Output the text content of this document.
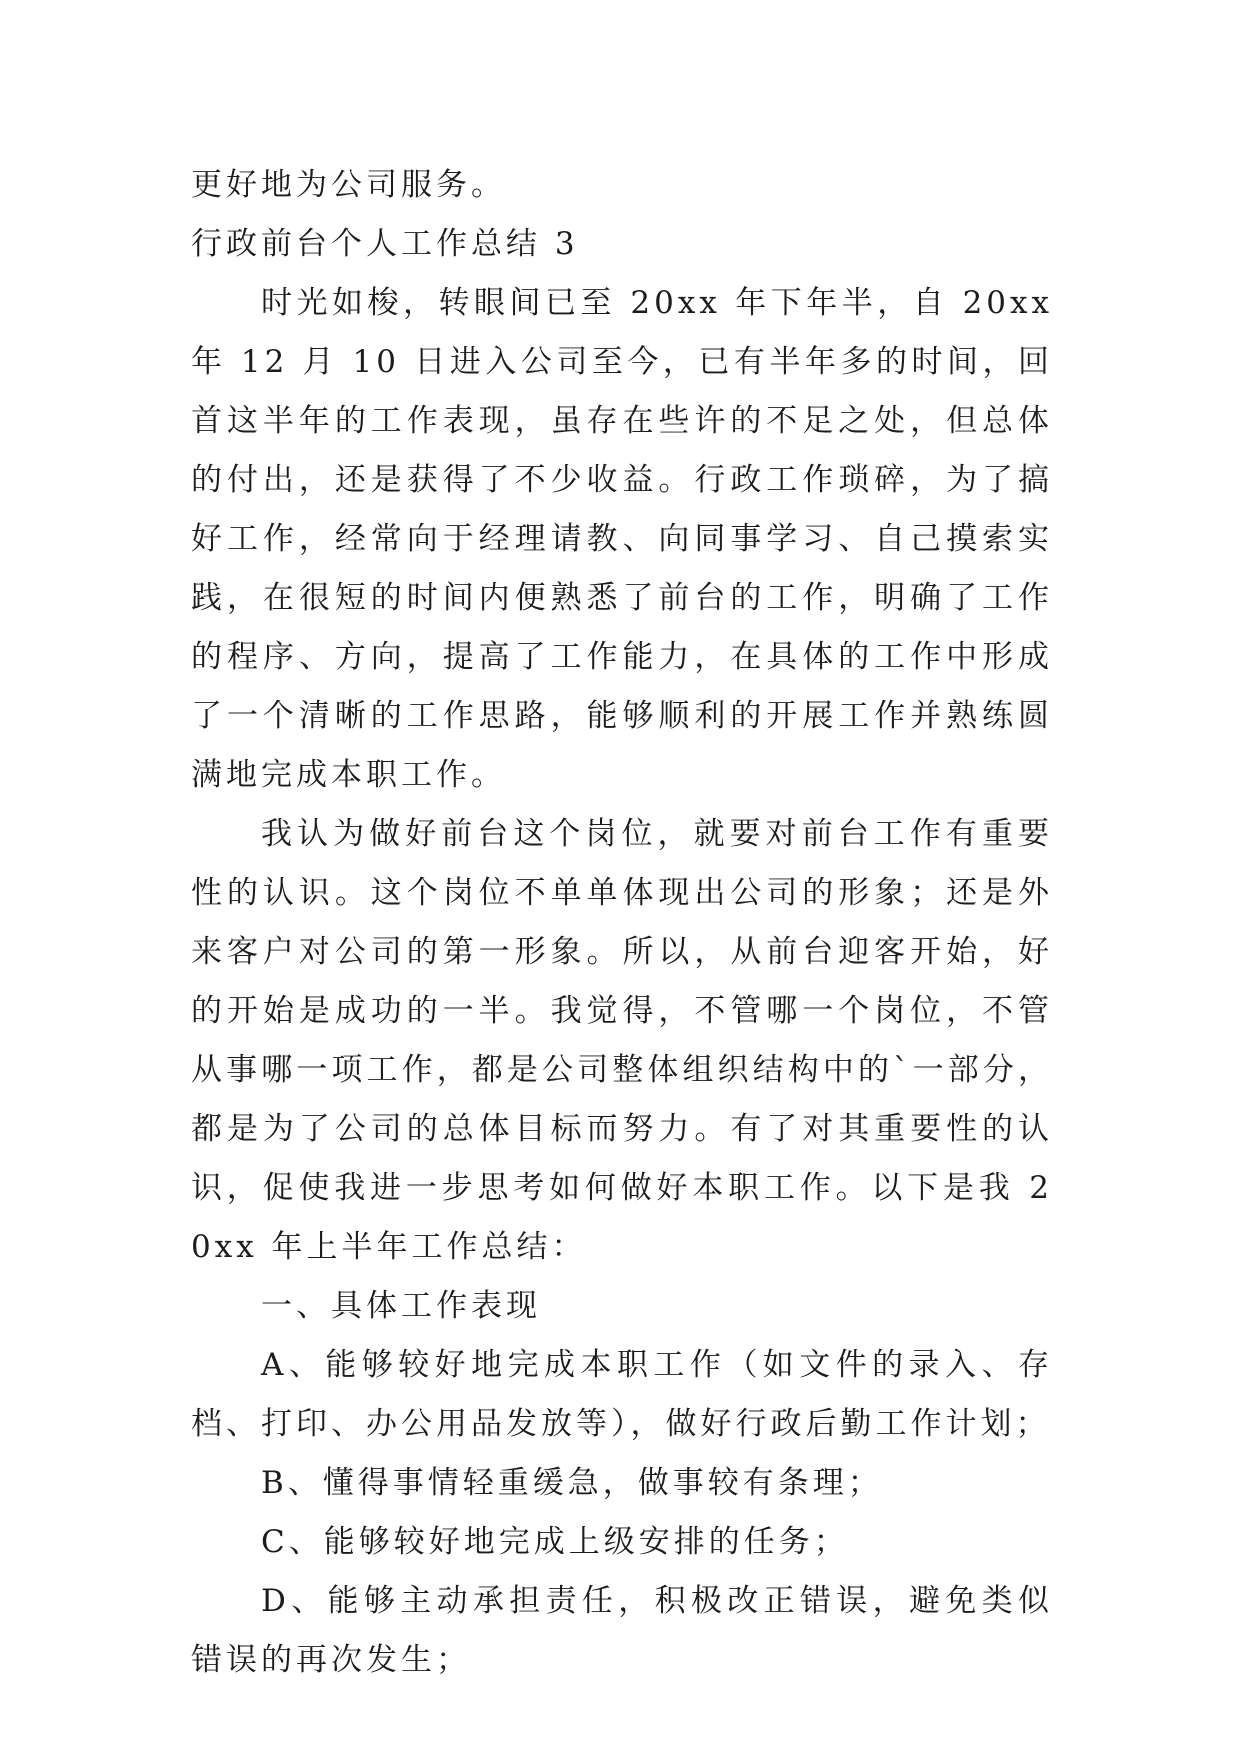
更好地为公司服务。

行政前台个人工作总结 3

时光如梭，转眼间已至 20xx 年下年半，自 20xx 年 12 月 10 日进入公司至今，已有半年多的时间，回首这半年的工作表现，虽存在些许的不足之处，但总体的付出，还是获得了不少收益。行政工作琐碎，为了搞好工作，经常向于经理请教、向同事学习、自己摸索实践，在很短的时间内便熟悉了前台的工作，明确了工作的程序、方向，提高了工作能力，在具体的工作中形成了一个清晰的工作思路，能够顺利的开展工作并熟练圆满地完成本职工作。

我认为做好前台这个岗位，就要对前台工作有重要性的认识。这个岗位不单单体现出公司的形象；还是外来客户对公司的第一形象。所以，从前台迎客开始，好的开始是成功的一半。我觉得，不管哪一个岗位，不管从事哪一项工作，都是公司整体组织结构中的`一部分，都是为了公司的总体目标而努力。有了对其重要性的认识，促使我进一步思考如何做好本职工作。以下是我 20xx 年上半年工作总结：

一、具体工作表现

A、能够较好地完成本职工作（如文件的录入、存档、打印、办公用品发放等），做好行政后勤工作计划；

B、懂得事情轻重缓急，做事较有条理；

C、能够较好地完成上级安排的任务；

D、能够主动承担责任，积极改正错误，避免类似错误的再次发生；
